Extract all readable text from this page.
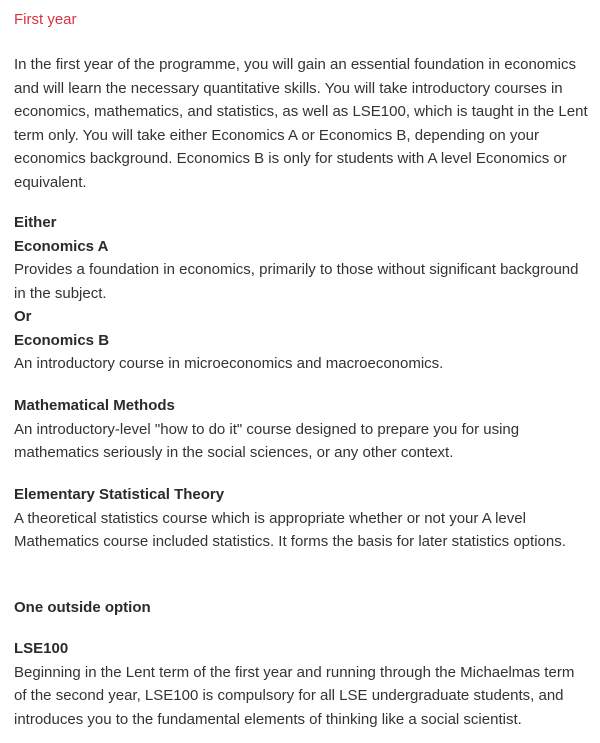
First year
In the first year of the programme, you will gain an essential foundation in economics and will learn the necessary quantitative skills. You will take introductory courses in economics, mathematics, and statistics, as well as LSE100, which is taught in the Lent term only. You will take either Economics A or Economics B, depending on your economics background. Economics B is only for students with A level Economics or equivalent.
Either
Economics A
Provides a foundation in economics, primarily to those without significant background in the subject.
Or
Economics B
An introductory course in microeconomics and macroeconomics.
Mathematical Methods
An introductory-level "how to do it" course designed to prepare you for using mathematics seriously in the social sciences, or any other context.
Elementary Statistical Theory
A theoretical statistics course which is appropriate whether or not your A level Mathematics course included statistics. It forms the basis for later statistics options.
One outside option
LSE100
Beginning in the Lent term of the first year and running through the Michaelmas term of the second year, LSE100 is compulsory for all LSE undergraduate students, and introduces you to the fundamental elements of thinking like a social scientist.
